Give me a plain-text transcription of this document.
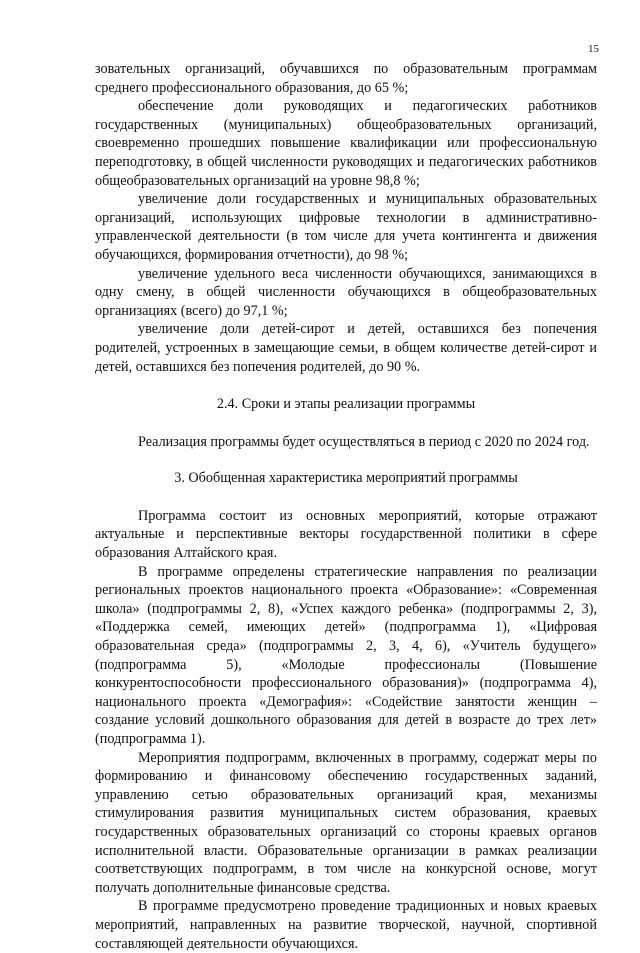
15

зовательных организаций, обучавшихся по образовательным программам среднего профессионального образования, до 65 %;

обеспечение доли руководящих и педагогических работников государственных (муниципальных) общеобразовательных организаций, своевременно прошедших повышение квалификации или профессиональную переподготовку, в общей численности руководящих и педагогических работников общеобразовательных организаций на уровне 98,8 %;

увеличение доли государственных и муниципальных образовательных организаций, использующих цифровые технологии в административно-управленческой деятельности (в том числе для учета контингента и движения обучающихся, формирования отчетности), до 98 %;

увеличение удельного веса численности обучающихся, занимающихся в одну смену, в общей численности обучающихся в общеобразовательных организациях (всего) до 97,1 %;

увеличение доли детей-сирот и детей, оставшихся без попечения родителей, устроенных в замещающие семьи, в общем количестве детей-сирот и детей, оставшихся без попечения родителей, до 90 %.

2.4. Сроки и этапы реализации программы

Реализация программы будет осуществляться в период с 2020 по 2024 год.

3. Обобщенная характеристика мероприятий программы

Программа состоит из основных мероприятий, которые отражают актуальные и перспективные векторы государственной политики в сфере образования Алтайского края.

В программе определены стратегические направления по реализации региональных проектов национального проекта «Образование»: «Современная школа» (подпрограммы 2, 8), «Успех каждого ребенка» (подпрограммы 2, 3), «Поддержка семей, имеющих детей» (подпрограмма 1), «Цифровая образовательная среда» (подпрограммы 2, 3, 4, 6), «Учитель будущего» (подпрограмма 5), «Молодые профессионалы (Повышение конкурентоспособности профессионального образования)» (подпрограмма 4), национального проекта «Демография»: «Содействие занятости женщин – создание условий дошкольного образования для детей в возрасте до трех лет» (подпрограмма 1).

Мероприятия подпрограмм, включенных в программу, содержат меры по формированию и финансовому обеспечению государственных заданий, управлению сетью образовательных организаций края, механизмы стимулирования развития муниципальных систем образования, краевых государственных образовательных организаций со стороны краевых органов исполнительной власти. Образовательные организации в рамках реализации соответствующих подпрограмм, в том числе на конкурсной основе, могут получать дополнительные финансовые средства.

В программе предусмотрено проведение традиционных и новых краевых мероприятий, направленных на развитие творческой, научной, спортивной составляющей деятельности обучающихся.
